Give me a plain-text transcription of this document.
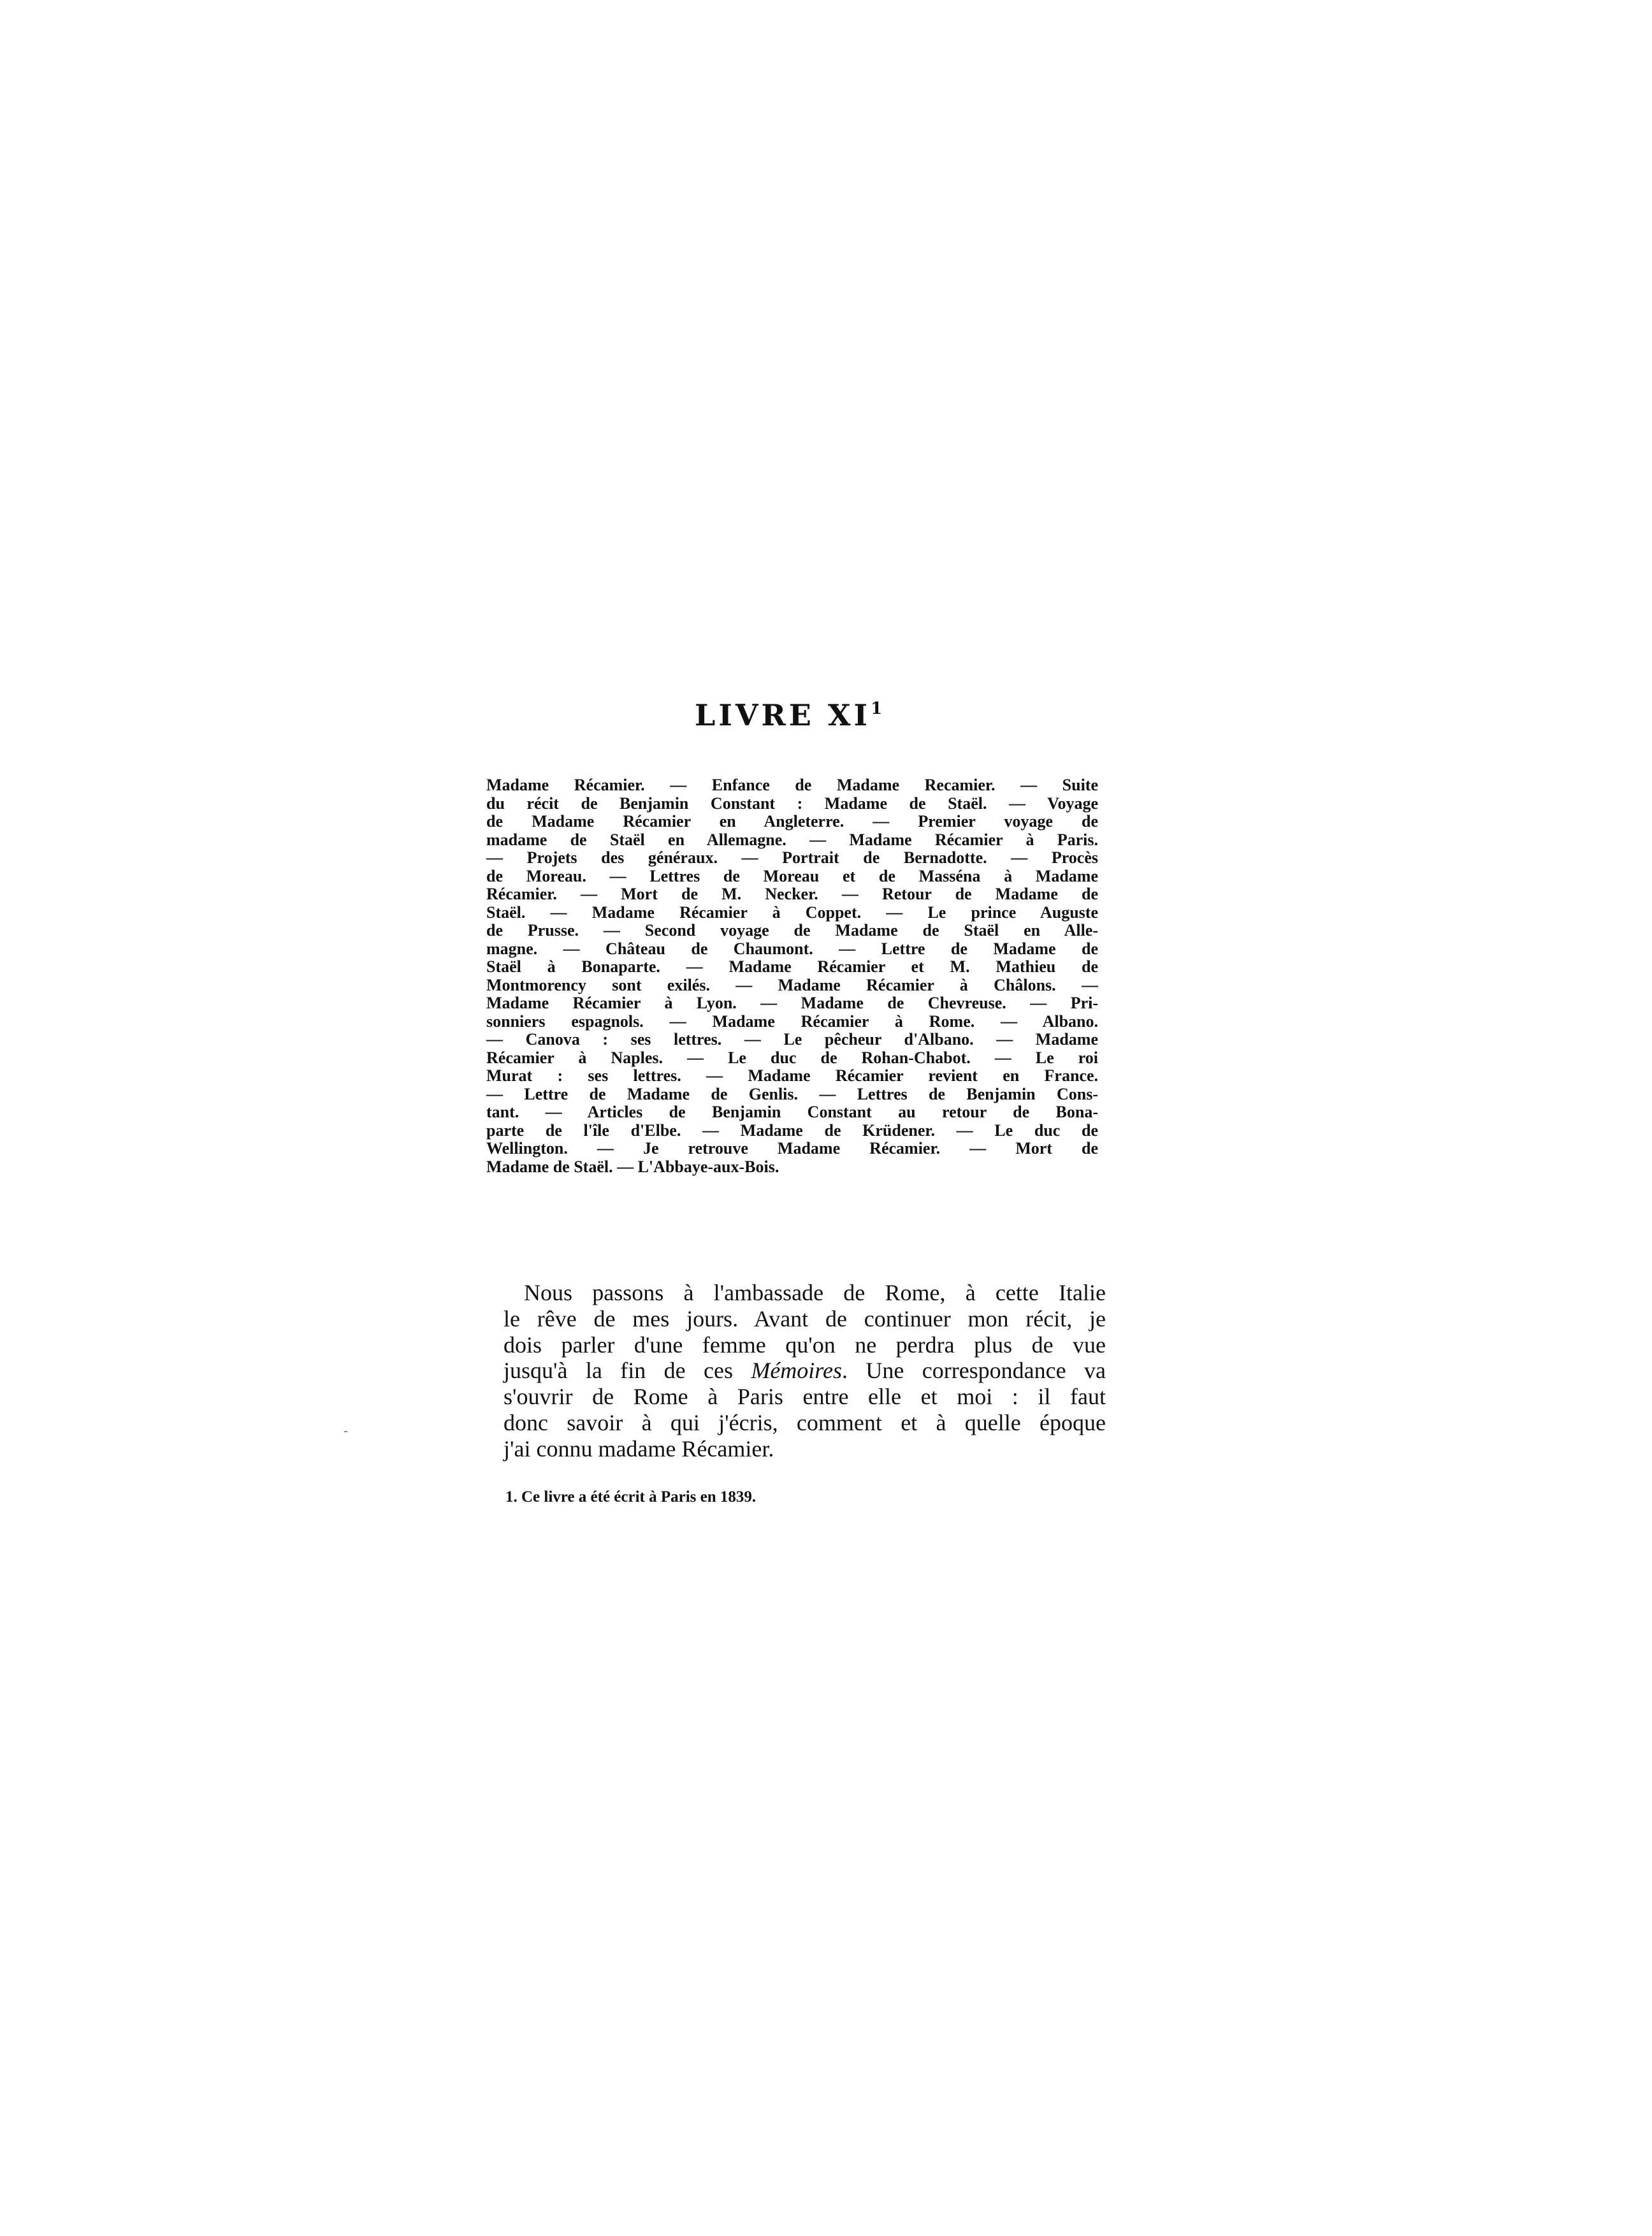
LIVRE $XI^1$
Madame Récamier. — Enfance de Madame Recamier. — Suite
du récit de Benjamin Constant : Madame de Staël. — Voyage
de Madame Récamier en Angleterre. — Premier voyage de
madame de Staël en Allemagne. — Madame Récamier à Paris.
— Projets des généraux. — Portrait de Bernadotte. — Procès
de Moreau. — Lettres de Moreau et de Masséna à Madame
Récamier. — Mort de M. Necker. — Retour de Madame de
Staël. — Madame Récamier à Coppet. — Le prince Auguste
de Prusse. — Second voyage de Madame de Staël en Alle-
magne. — Château de Chaumont. — Lettre de Madame de
Staël à Bonaparte. — Madame Récamier et M. Mathieu de
Montmorency sont exilés. — Madame Récamier à Châlons. —
Madame Récamier à Lyon. — Madame de Chevreuse. — Pri-
sonniers espagnols. — Madame Récamier à Rome. — Albano.
— Canova : ses lettres. — Le pêcheur d'Albano. — Madame
Récamier à Naples. — Le duc de Rohan-Chabot. — Le roi
Murat : ses lettres. — Madame Récamier revient en France.
— Lettre de Madame de Genlis. — Lettres de Benjamin Cons-
tant. — Articles de Benjamin Constant au retour de Bona-
parte de l'île d'Elbe. — Madame de Krüdener. — Le duc de
Wellington. — Je retrouve Madame Récamier. — Mort de
Madame de Staël. — L'Abbaye-aux-Bois.
Nous passons à l'ambassade de Rome, à cette Italie
le rêve de mes jours. Avant de continuer mon récit, je
dois parler d'une femme qu'on ne perdra plus de vue
jusqu'à la fin de ces Mémoires. Une correspondance va
s'ouvrir de Rome à Paris entre elle et moi : il faut
donc savoir à qui j'écris, comment et à quelle époque
j'ai connu madame Récamier.
1. Ce livre a été écrit à Paris en 1839.
